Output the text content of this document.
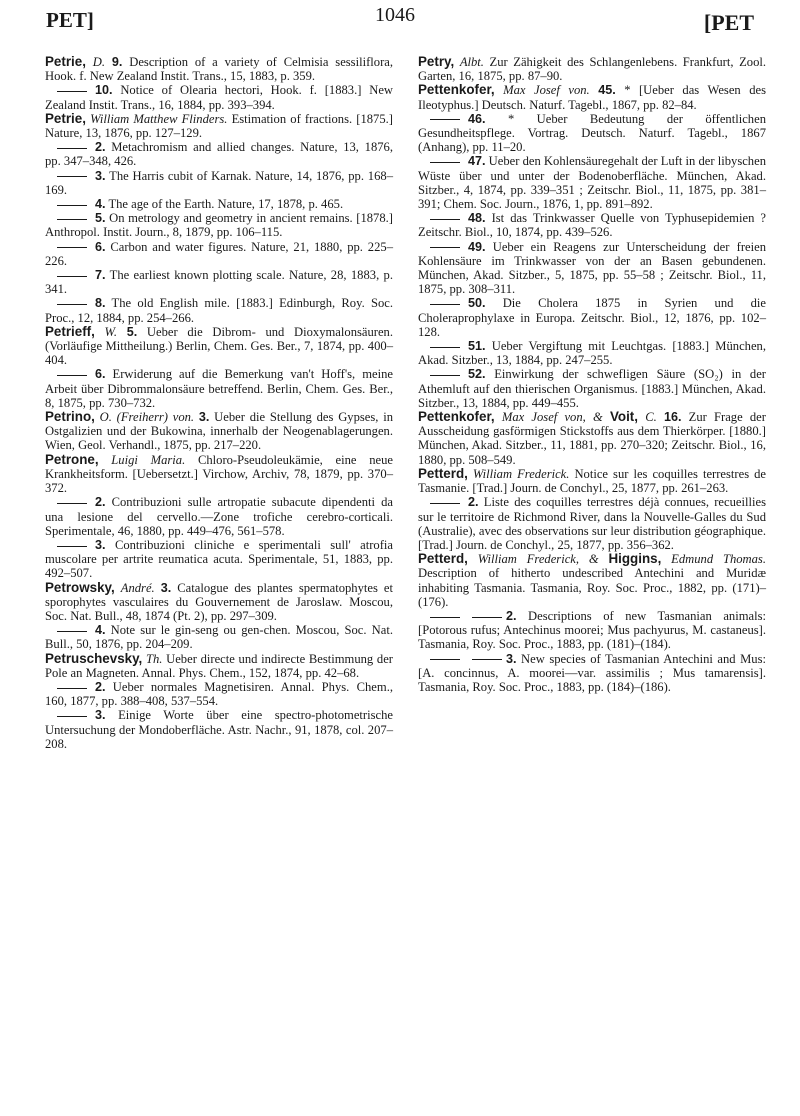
PET]	1046	[PET

Petrie, D. 9. Description of a variety of Celmisia sessiliflora, Hook. f. New Zealand Instit. Trans., 15, 1883, p. 359.

10. Notice of Olearia hectori, Hook. f. [1883.] New Zealand Instit. Trans., 16, 1884, pp. 393–394.

Petrie, William Matthew Flinders. Estimation of fractions. [1875.] Nature, 13, 1876, pp. 127–129.

2. Metachromism and allied changes. Nature, 13, 1876, pp. 347–348, 426.

3. The Harris cubit of Karnak. Nature, 14, 1876, pp. 168–169.

4. The age of the Earth. Nature, 17, 1878, p. 465.

5. On metrology and geometry in ancient remains. [1878.] Anthropol. Instit. Journ., 8, 1879, pp. 106–115.

6. Carbon and water figures. Nature, 21, 1880, pp. 225–226.

7. The earliest known plotting scale. Nature, 28, 1883, p. 341.

8. The old English mile. [1883.] Edinburgh, Roy. Soc. Proc., 12, 1884, pp. 254–266.

Petrieff, W. 5. Ueber die Dibrom- und Dioxymalonsäuren. (Vorläufige Mittheilung.) Berlin, Chem. Ges. Ber., 7, 1874, pp. 400–404.

6. Erwiderung auf die Bemerkung van't Hoff's, meine Arbeit über Dibrommalonsäure betreffend. Berlin, Chem. Ges. Ber., 8, 1875, pp. 730–732.

Petrino, O. (Freiherr) von. 3. Ueber die Stellung des Gypses, in Ostgalizien und der Bukowina, innerhalb der Neogenablagerungen. Wien, Geol. Verhandl., 1875, pp. 217–220.

Petrone, Luigi Maria. Chloro-Pseudoleukämie, eine neue Krankheitsform. [Uebersetzt.] Virchow, Archiv, 78, 1879, pp. 370–372.

2. Contribuzioni sulle artropatie subacute dipendenti da una lesione del cervello.—Zone trofiche cerebro-corticali. Sperimentale, 46, 1880, pp. 449–476, 561–578.

3. Contribuzioni cliniche e sperimentali sull' atrofia muscolare per artrite reumatica acuta. Sperimentale, 51, 1883, pp. 492–507.

Petrowsky, André. 3. Catalogue des plantes spermatophytes et sporophytes vasculaires du Gouvernement de Jaroslaw. Moscou, Soc. Nat. Bull., 48, 1874 (Pt. 2), pp. 297–309.

4. Note sur le gin-seng ou gen-chen. Moscou, Soc. Nat. Bull., 50, 1876, pp. 204–209.

Petruschevsky, Th. Ueber directe und indirecte Bestimmung der Pole an Magneten. Annal. Phys. Chem., 152, 1874, pp. 42–68.

2. Ueber normales Magnetisiren. Annal. Phys. Chem., 160, 1877, pp. 388–408, 537–554.

3. Einige Worte über eine spectro-photometrische Untersuchung der Mondoberfläche. Astr. Nachr., 91, 1878, col. 207–208.

Petry, Albt. Zur Zähigkeit des Schlangenlebens. Frankfurt, Zool. Garten, 16, 1875, pp. 87–90.

Pettenkofer, Max Josef von. 45. * [Ueber das Wesen des Ileotyphus.] Deutsch. Naturf. Tagebl., 1867, pp. 82–84.

46. * Ueber Bedeutung der öffentlichen Gesundheitspflege. Vortrag. Deutsch. Naturf. Tagebl., 1867 (Anhang), pp. 11–20.

47. Ueber den Kohlensäuregehalt der Luft in der libyschen Wüste über und unter der Bodenoberfläche. München, Akad. Sitzber., 4, 1874, pp. 339–351 ; Zeitschr. Biol., 11, 1875, pp. 381–391; Chem. Soc. Journ., 1876, 1, pp. 891–892.

48. Ist das Trinkwasser Quelle von Typhusepidemien ? Zeitschr. Biol., 10, 1874, pp. 439–526.

49. Ueber ein Reagens zur Unterscheidung der freien Kohlensäure im Trinkwasser von der an Basen gebundenen. München, Akad. Sitzber., 5, 1875, pp. 55–58 ; Zeitschr. Biol., 11, 1875, pp. 308–311.

50. Die Cholera 1875 in Syrien und die Choleraprophylaxe in Europa. Zeitschr. Biol., 12, 1876, pp. 102–128.

51. Ueber Vergiftung mit Leuchtgas. [1883.] München, Akad. Sitzber., 13, 1884, pp. 247–255.

52. Einwirkung der schwefligen Säure (SO₂) in der Athemluft auf den thierischen Organismus. [1883.] München, Akad. Sitzber., 13, 1884, pp. 449–455.

Pettenkofer, Max Josef von, & Voit, C. 16. Zur Frage der Ausscheidung gasförmigen Stickstoffs aus dem Thierkörper. [1880.] München, Akad. Sitzber., 11, 1881, pp. 270–320; Zeitschr. Biol., 16, 1880, pp. 508–549.

Petterd, William Frederick. Notice sur les coquilles terrestres de Tasmanie. [Trad.] Journ. de Conchyl., 25, 1877, pp. 261–263.

2. Liste des coquilles terrestres déjà connues, recueillies sur le territoire de Richmond River, dans la Nouvelle-Galles du Sud (Australie), avec des observations sur leur distribution géographique. [Trad.] Journ. de Conchyl., 25, 1877, pp. 356–362.

Petterd, William Frederick, & Higgins, Edmund Thomas. Description of hitherto undescribed Antechini and Muridæ inhabiting Tasmania. Tasmania, Roy. Soc. Proc., 1882, pp. (171)–(176).

2. Descriptions of new Tasmanian animals: [Potorous rufus; Antechinus moorei; Mus pachyurus, M. castaneus]. Tasmania, Roy. Soc. Proc., 1883, pp. (181)–(184).

3. New species of Tasmanian Antechini and Mus: [A. concinnus, A. moorei—var. assimilis ; Mus tamarensis]. Tasmania, Roy. Soc. Proc., 1883, pp. (184)–(186).
